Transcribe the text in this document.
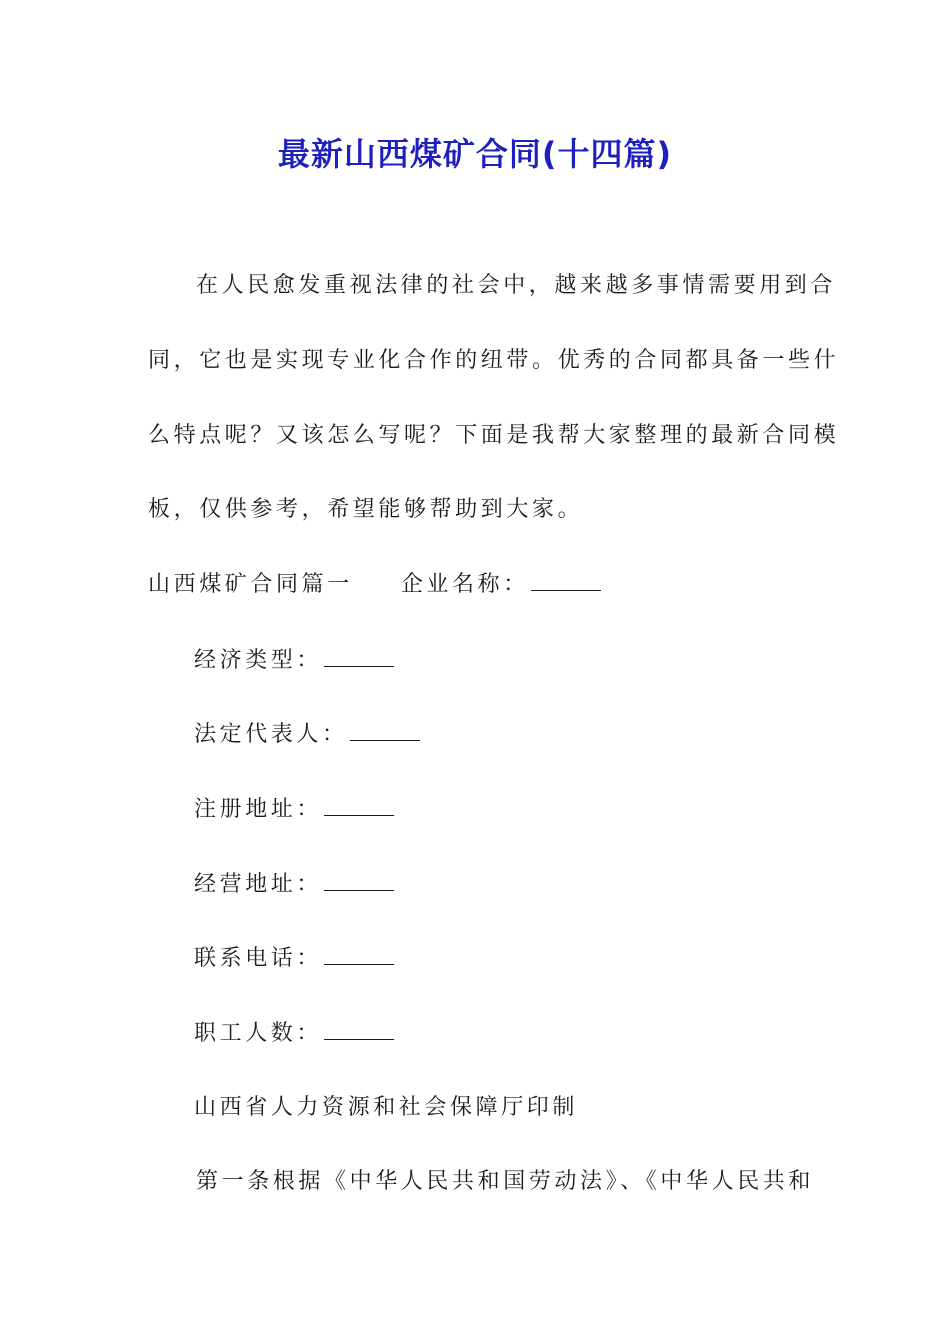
最新山西煤矿合同(十四篇)
在人民愈发重视法律的社会中，越来越多事情需要用到合
同，它也是实现专业化合作的纽带。优秀的合同都具备一些什
么特点呢？又该怎么写呢？下面是我帮大家整理的最新合同模
板，仅供参考，希望能够帮助到大家。
山西煤矿合同篇一 企业名称：
经济类型：
法定代表人：
注册地址：
经营地址：
联系电话：
职工人数：
山西省人力资源和社会保障厅印制
第一条根据《中华人民共和国劳动法》、《中华人民共和
